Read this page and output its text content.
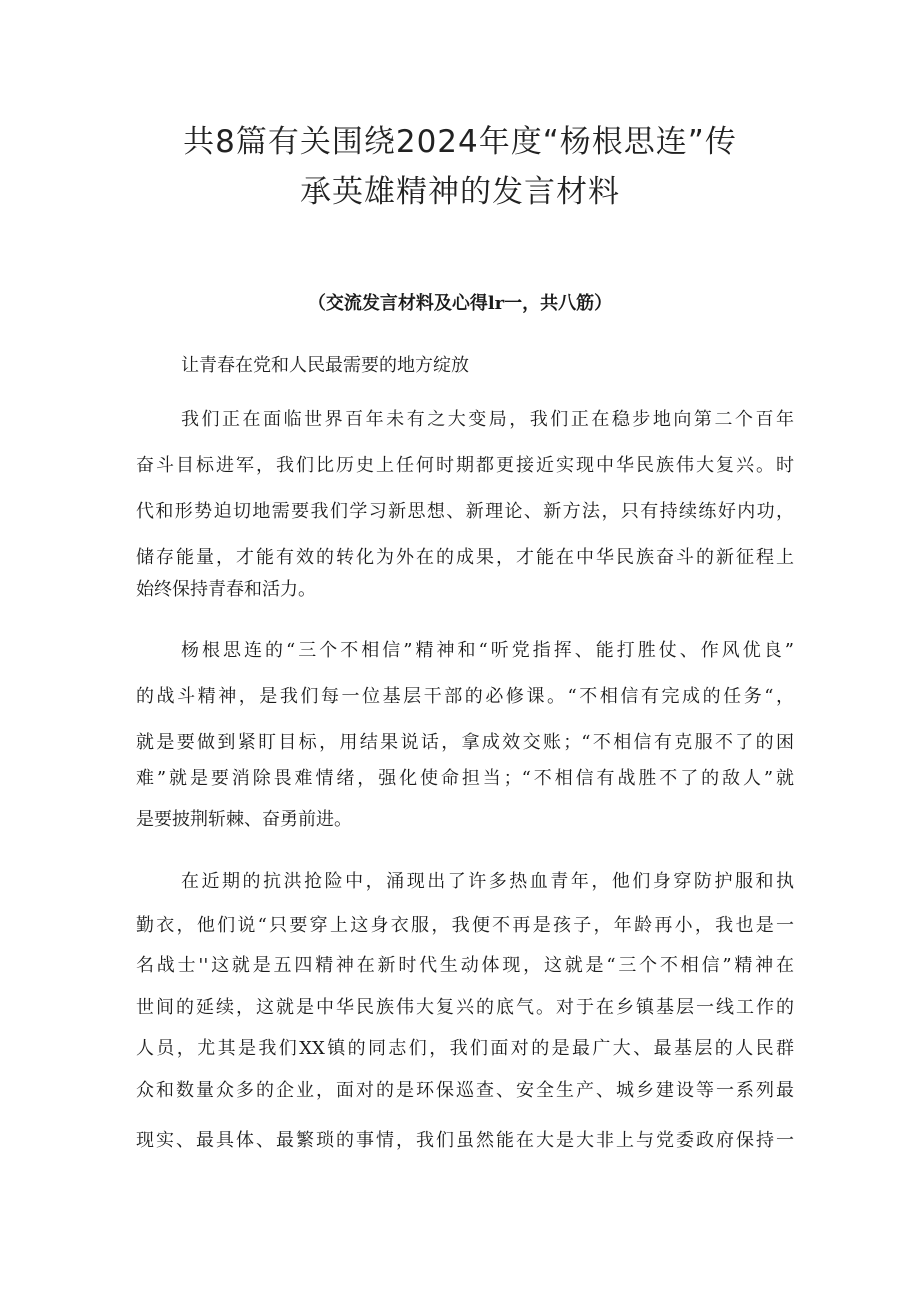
共8篇有关围绕2024年度“杨根思连”传
承英雄精神的发言材料
（交流发言材料及心得lr一，共八筋）
让青春在党和人民最需要的地方绽放
我们正在面临世界百年未有之大变局，我们正在稳步地向第二个百年
奋斗目标进军，我们比历史上任何时期都更接近实现中华民族伟大复兴。时
代和形势迫切地需要我们学习新思想、新理论、新方法，只有持续练好内功，
储存能量，才能有效的转化为外在的成果，才能在中华民族奋斗的新征程上
始终保持青春和活力。
杨根思连的“三个不相信”精神和“听党指挥、能打胜仗、作风优良”
的战斗精神，是我们每一位基层干部的必修课。“不相信有完成的任务“，
就是要做到紧盯目标，用结果说话，拿成效交账；“不相信有克服不了的困
难”就是要消除畏难情绪，强化使命担当；“不相信有战胜不了的敌人”就
是要披荆斩棘、奋勇前进。
在近期的抗洪抢险中，涌现出了许多热血青年，他们身穿防护服和执
勤衣，他们说“只要穿上这身衣服，我便不再是孩子，年龄再小，我也是一
名战士''这就是五四精神在新时代生动体现，这就是“三个不相信”精神在
世间的延续，这就是中华民族伟大复兴的底气。对于在乡镇基层一线工作的
人员，尤其是我们XX镇的同志们，我们面对的是最广大、最基层的人民群
众和数量众多的企业，面对的是环保巡查、安全生产、城乡建设等一系列最
现实、最具体、最繁琐的事情，我们虽然能在大是大非上与党委政府保持一
